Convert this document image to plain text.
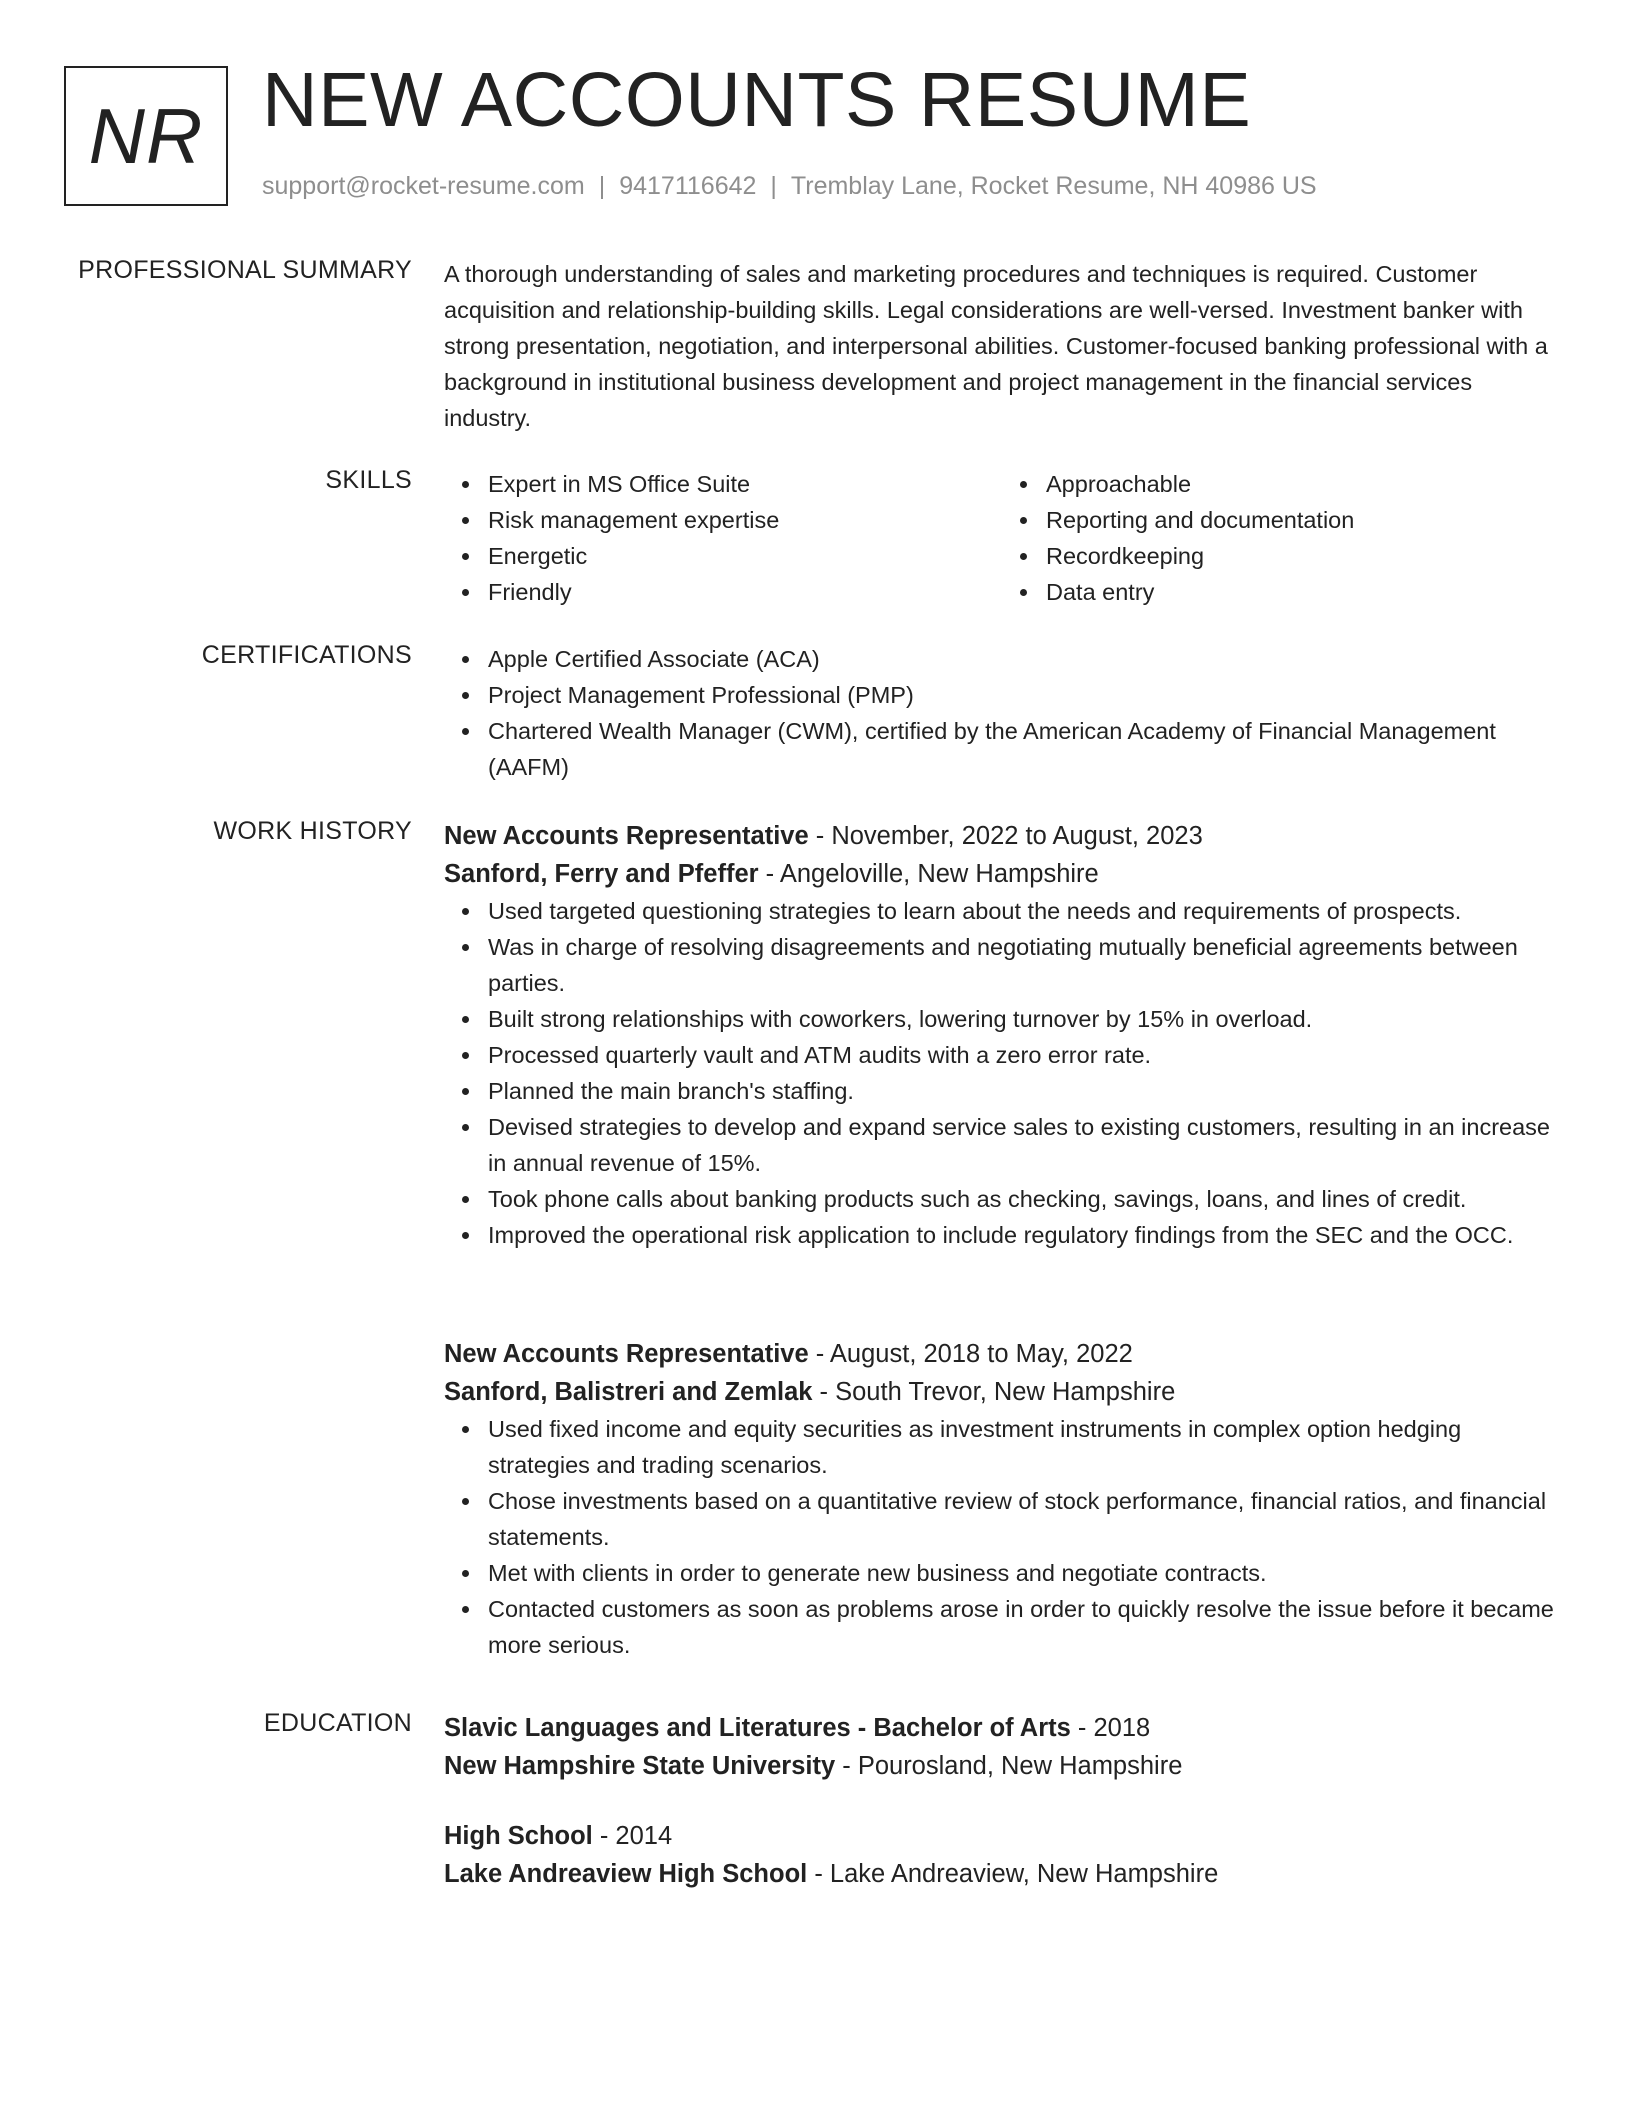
NR NEW ACCOUNTS RESUME
support@rocket-resume.com | 9417116642 | Tremblay Lane, Rocket Resume, NH 40986 US
PROFESSIONAL SUMMARY A thorough understanding of sales and marketing procedures and techniques is required. Customer acquisition and relationship-building skills. Legal considerations are well-versed. Investment banker with strong presentation, negotiation, and interpersonal abilities. Customer-focused banking professional with a background in institutional business development and project management in the financial services industry.

SKILLS	Expert in MS Office Suite
Risk management expertise
Energetic
Friendly
Approachable
Reporting and documentation
Recordkeeping
Data entry
CERTIFICATIONS	Apple Certified Associate (ACA)
Project Management Professional (PMP)
Chartered Wealth Manager (CWM), certified by the American Academy of Financial Management (AAFM)
WORK HISTORY New Accounts Representative - November, 2022 to August, 2023
Sanford, Ferry and Pfeffer - Angeloville, New Hampshire
Used targeted questioning strategies to learn about the needs and requirements of prospects.
Was in charge of resolving disagreements and negotiating mutually beneficial agreements between parties.
Built strong relationships with coworkers, lowering turnover by 15% in overload.
Processed quarterly vault and ATM audits with a zero error rate.
Planned the main branch's staffing.
Devised strategies to develop and expand service sales to existing customers, resulting in an increase in annual revenue of 15%.
Took phone calls about banking products such as checking, savings, loans, and lines of credit.
Improved the operational risk application to include regulatory findings from the SEC and the OCC.
New Accounts Representative - August, 2018 to May, 2022
Sanford, Balistreri and Zemlak - South Trevor, New Hampshire
Used fixed income and equity securities as investment instruments in complex option hedging strategies and trading scenarios.
Chose investments based on a quantitative review of stock performance, financial ratios, and financial statements.
Met with clients in order to generate new business and negotiate contracts.
Contacted customers as soon as problems arose in order to quickly resolve the issue before it became more serious.
EDUCATION Slavic Languages and Literatures - Bachelor of Arts - 2018
New Hampshire State University - Pourosland, New Hampshire
High School - 2014
Lake Andreaview High School - Lake Andreaview, New Hampshire
